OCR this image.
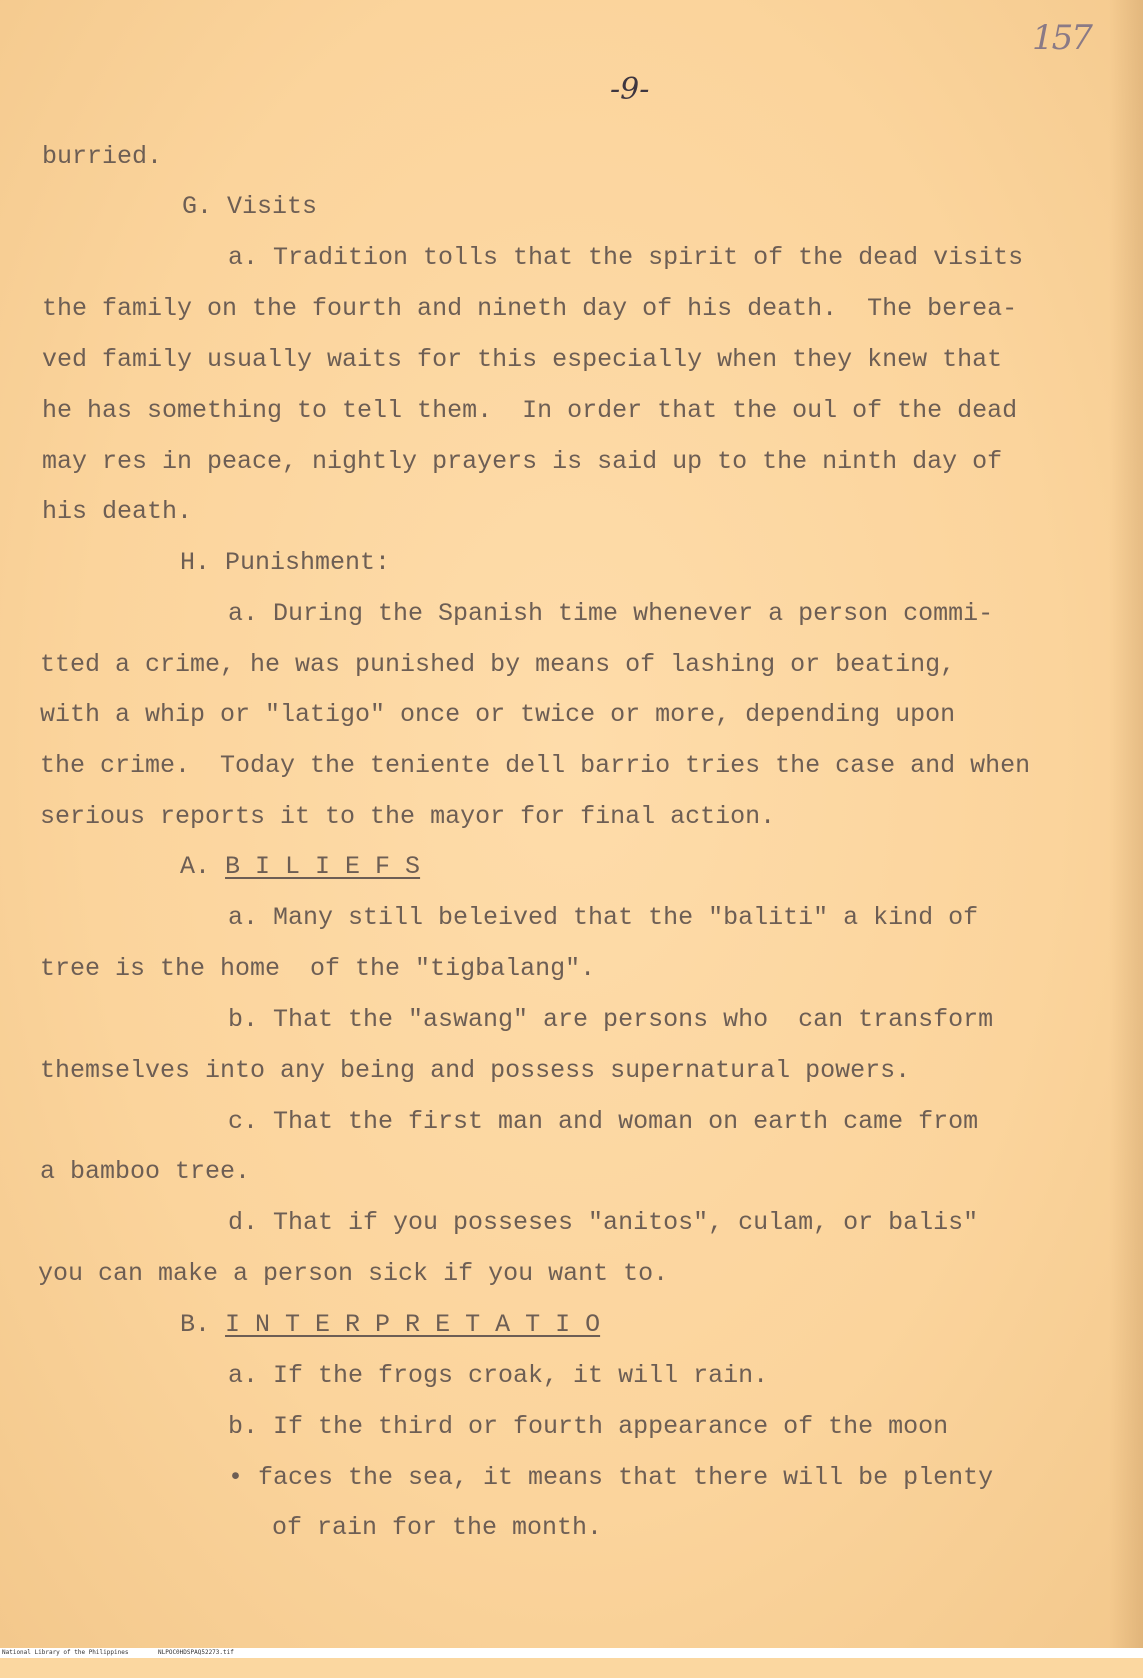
157
-9-
burried.
G. Visits
a. Tradition tolls that the spirit of the dead visits
the family on the fourth and nineth day of his death.  The berea-
ved family usually waits for this especially when they knew that
he has something to tell them.  In order that the oul of the dead
may res in peace, nightly prayers is said up to the ninth day of
his death.
H. Punishment:
a. During the Spanish time whenever a person commi-
tted a crime, he was punished by means of lashing or beating,
with a whip or "latigo" once or twice or more, depending upon
the crime.  Today the teniente dell barrio tries the case and when
serious reports it to the mayor for final action.
A. B I L I E F S
a. Many still beleived that the "baliti" a kind of
tree is the home  of the "tigbalang".
b. That the "aswang" are persons who  can transform
themselves into any being and possess supernatural powers.
c. That the first man and woman on earth came from
a bamboo tree.
d. That if you posseses "anitos", culam, or balis"
you can make a person sick if you want to.
B. I N T E R P R E T A T I O
a. If the frogs croak, it will rain.
b. If the third or fourth appearance of the moon
• faces the sea, it means that there will be plenty
of rain for the month.

National Library of the Philippines

	NLPOC0HDSPAQ52273.tif
